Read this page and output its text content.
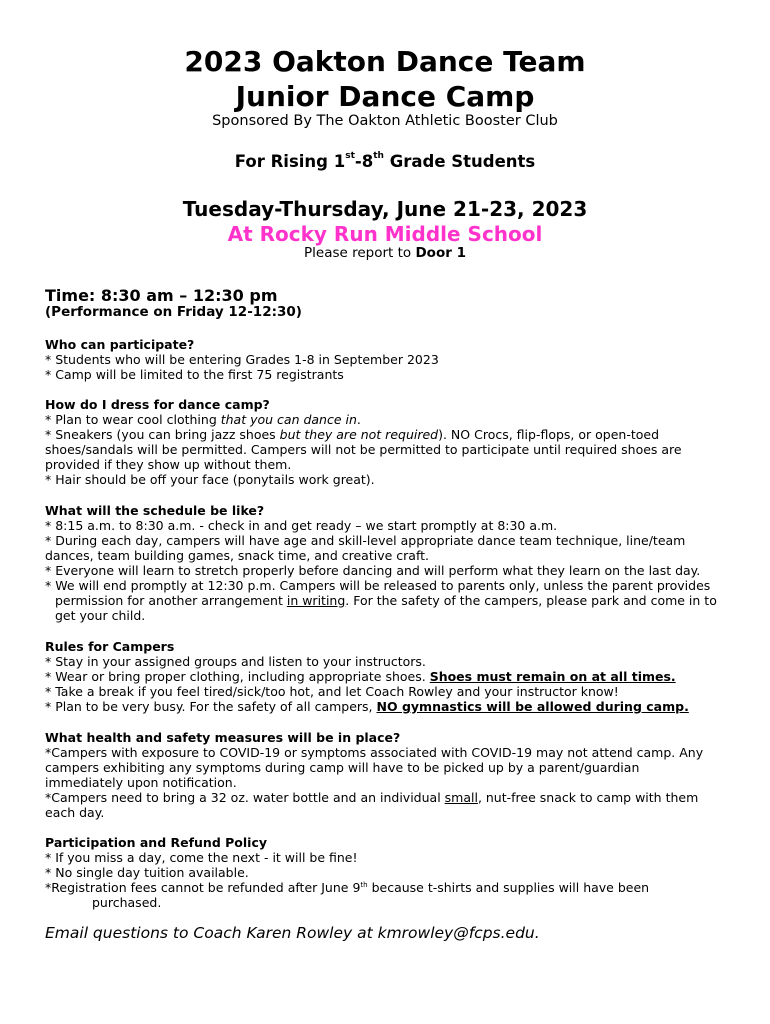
2023 Oakton Dance Team
Junior Dance Camp
Sponsored By The Oakton Athletic Booster Club
For Rising 1st-8th Grade Students
Tuesday-Thursday, June 21-23, 2023
At Rocky Run Middle School
Please report to Door 1
Time: 8:30 am – 12:30 pm
(Performance on Friday 12-12:30)
Who can participate?
* Students who will be entering Grades 1-8 in September 2023
* Camp will be limited to the first 75 registrants
How do I dress for dance camp?
* Plan to wear cool clothing that you can dance in.
* Sneakers (you can bring jazz shoes but they are not required). NO Crocs, flip-flops, or open-toed
shoes/sandals will be permitted. Campers will not be permitted to participate until required shoes are
provided if they show up without them.
* Hair should be off your face (ponytails work great).
What will the schedule be like?
* 8:15 a.m. to 8:30 a.m. - check in and get ready – we start promptly at 8:30 a.m.
* During each day, campers will have age and skill-level appropriate dance team technique, line/team
dances, team building games, snack time, and creative craft.
* Everyone will learn to stretch properly before dancing and will perform what they learn on the last day.
* We will end promptly at 12:30 p.m. Campers will be released to parents only, unless the parent provides
permission for another arrangement in writing. For the safety of the campers, please park and come in to
get your child.
Rules for Campers
* Stay in your assigned groups and listen to your instructors.
* Wear or bring proper clothing, including appropriate shoes. Shoes must remain on at all times.
* Take a break if you feel tired/sick/too hot, and let Coach Rowley and your instructor know!
* Plan to be very busy. For the safety of all campers, NO gymnastics will be allowed during camp.
What health and safety measures will be in place?
*Campers with exposure to COVID-19 or symptoms associated with COVID-19 may not attend camp. Any
campers exhibiting any symptoms during camp will have to be picked up by a parent/guardian
immediately upon notification.
*Campers need to bring a 32 oz. water bottle and an individual small, nut-free snack to camp with them
each day.
Participation and Refund Policy
* If you miss a day, come the next - it will be fine!
* No single day tuition available.
*Registration fees cannot be refunded after June 9th because t-shirts and supplies will have been
purchased.
Email questions to Coach Karen Rowley at kmrowley@fcps.edu.
